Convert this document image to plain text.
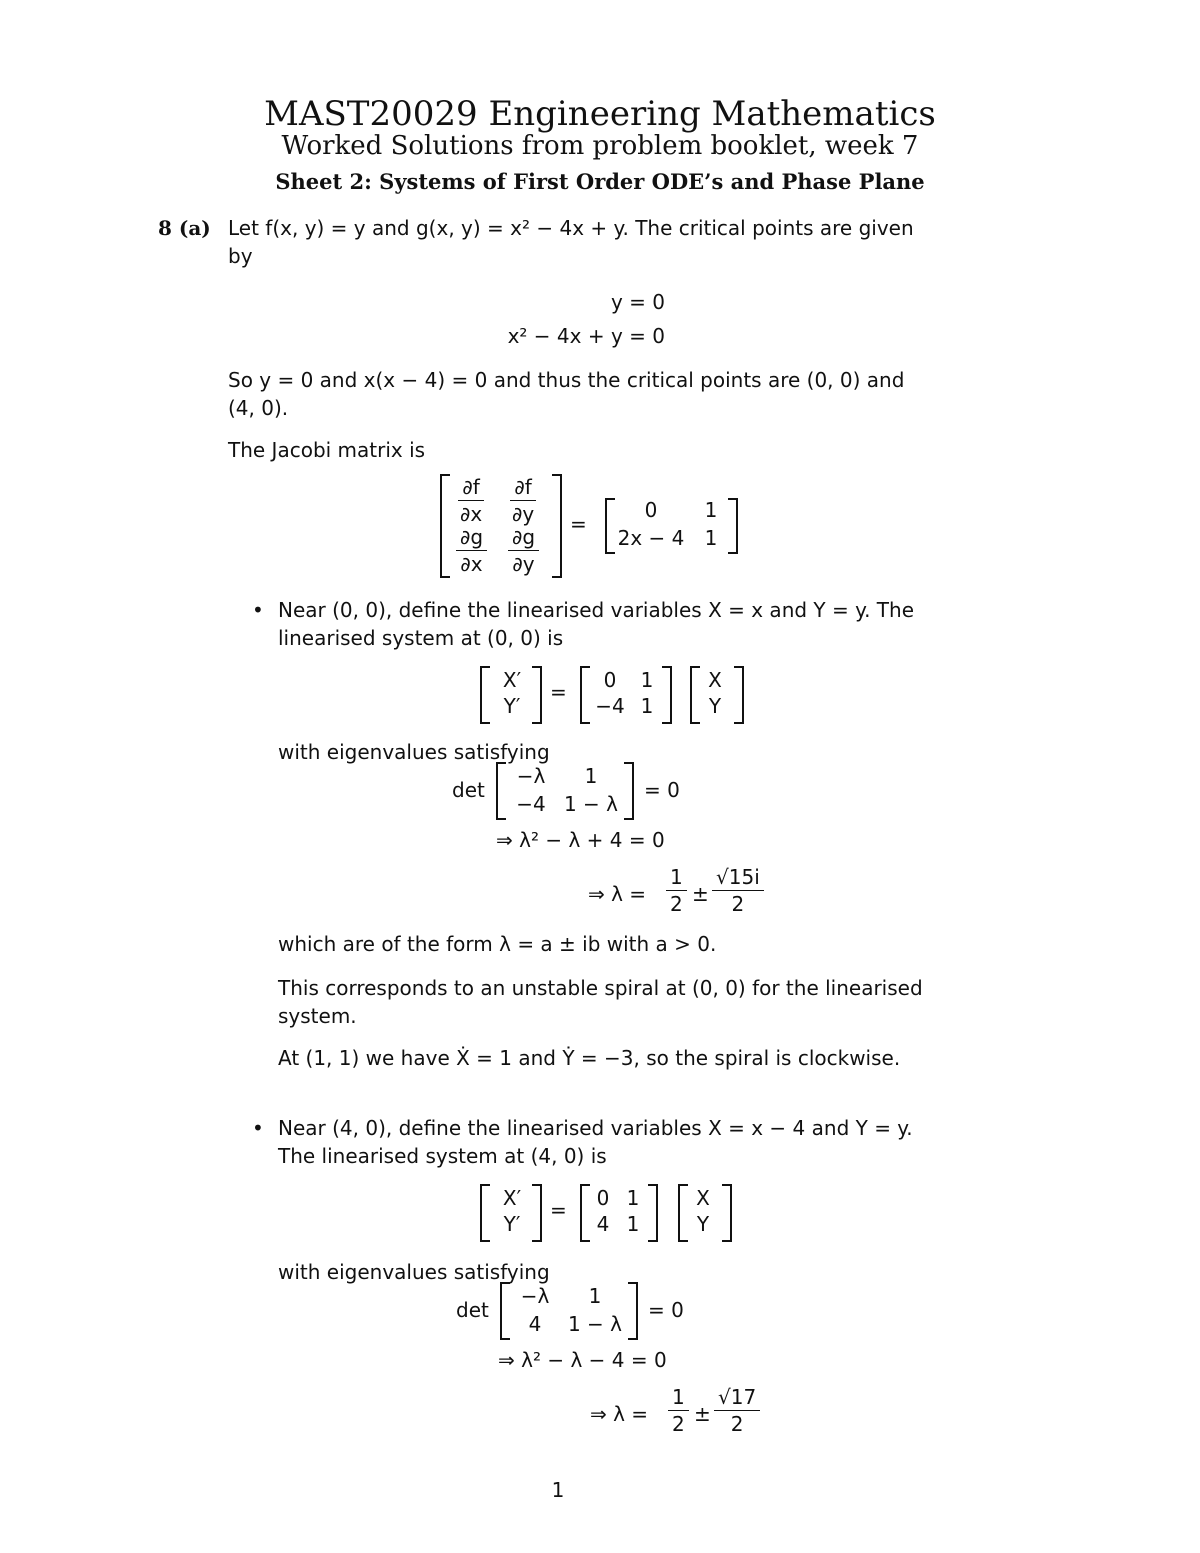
MAST20029 Engineering Mathematics
Worked Solutions from problem booklet, week 7
Sheet 2: Systems of First Order ODE’s and Phase Plane
8 (a) Let f(x, y) = y and g(x, y) = x² − 4x + y. The critical points are given
by
y = 0
x² − 4x + y = 0
So y = 0 and x(x − 4) = 0 and thus the critical points are (0, 0) and
(4, 0).
The Jacobi matrix is
$\frac{\partial f}{\partial x} \frac{\partial f}{\partial y}$
$\frac{\partial g}{\partial x} \frac{\partial g}{\partial y}$ =
0	1
2x − 4	1
• Near (0, 0), define the linearised variables X = x and Y = y. The
linearised system at (0, 0) is
X′
Y′
=	0	1
−4 1
X
Y
with eigenvalues satisfying
det
−λ	1
−4 1 − λ
= 0
⇒ λ² − λ + 4 = 0
⇒ $\lambda = \frac{1}{2} \pm \frac{√15i}{2}$
which are of the form λ = a ± ib with a > 0.
This corresponds to an unstable spiral at (0, 0) for the linearised
system.
At (1, 1) we have Ẋ = 1 and Ẏ = −3, so the spiral is clockwise.
• Near (4, 0), define the linearised variables X = x − 4 and Y = y.
The linearised system at (4, 0) is
X′
Y′
=	0 1
4 1
X
Y
with eigenvalues satisfying
det
−λ	1
4	1 − λ
= 0
⇒ λ² − λ − 4 = 0
⇒ $\lambda = \frac{1}{2} \pm \frac{√17}{2}$
1
